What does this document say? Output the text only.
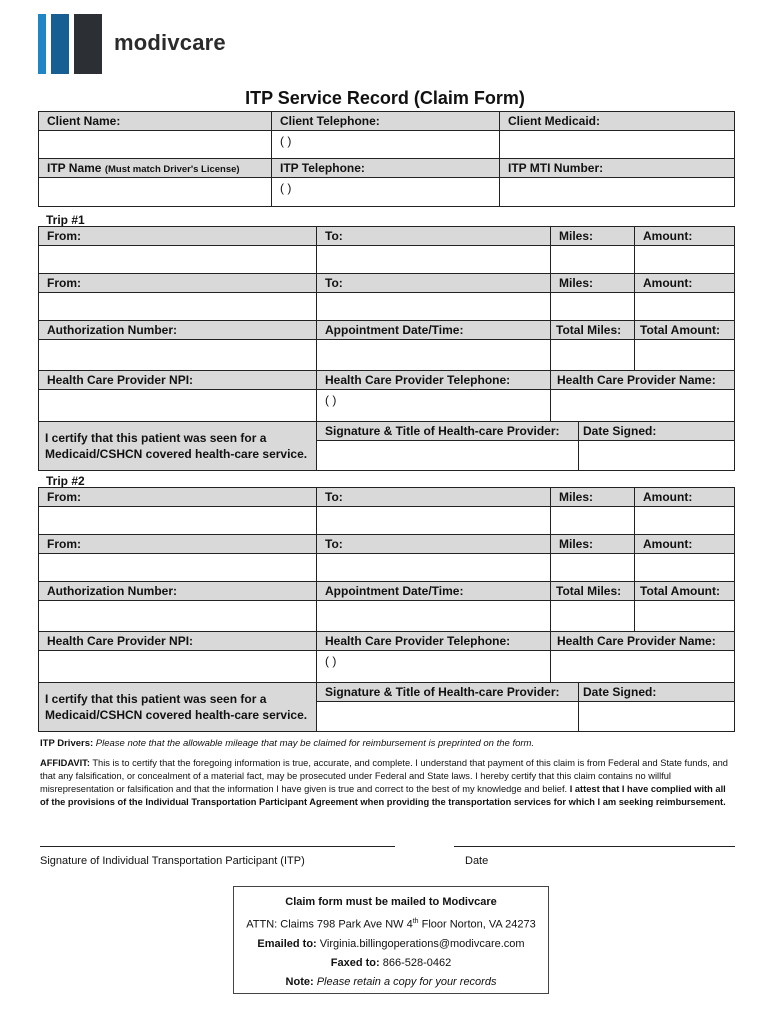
modivcare
ITP Service Record (Claim Form)
Client Name:	Client Telephone:	Client Medicaid:
( )
ITP Name (Must match Driver's License)	ITP Telephone:	ITP MTI Number:
( )
Trip #1
From:	To:	Miles:	Amount:
From:	To:	Miles:	Amount:
Authorization Number:	Appointment Date/Time:	Total Miles:	Total Amount:
Health Care Provider NPI:	Health Care Provider Telephone:	Health Care Provider Name:
( )
I certify that this patient was seen for a Medicaid/CSHCN covered health-care service.
Signature & Title of Health-care Provider:	Date Signed:
Trip #2
From:	To:	Miles:	Amount:
From:	To:	Miles:	Amount:
Authorization Number:	Appointment Date/Time:	Total Miles:	Total Amount:
Health Care Provider NPI:	Health Care Provider Telephone:	Health Care Provider Name:
( )
I certify that this patient was seen for a Medicaid/CSHCN covered health-care service.
Signature & Title of Health-care Provider:	Date Signed:
ITP Drivers: Please note that the allowable mileage that may be claimed for reimbursement is preprinted on the form.
AFFIDAVIT: This is to certify that the foregoing information is true, accurate, and complete. I understand that payment of this claim is from Federal and State funds, and that any falsification, or concealment of a material fact, may be prosecuted under Federal and State laws. I hereby certify that this claim contains no willful misrepresentation or falsification and that the information I have given is true and correct to the best of my knowledge and belief. I attest that I have complied with all of the provisions of the Individual Transportation Participant Agreement when providing the transportation services for which I am seeking reimbursement.
Signature of Individual Transportation Participant (ITP)	Date
Claim form must be mailed to Modivcare
ATTN: Claims 798 Park Ave NW 4th Floor Norton, VA 24273
Emailed to: Virginia.billingoperations@modivcare.com
Faxed to: 866-528-0462
Note: Please retain a copy for your records
